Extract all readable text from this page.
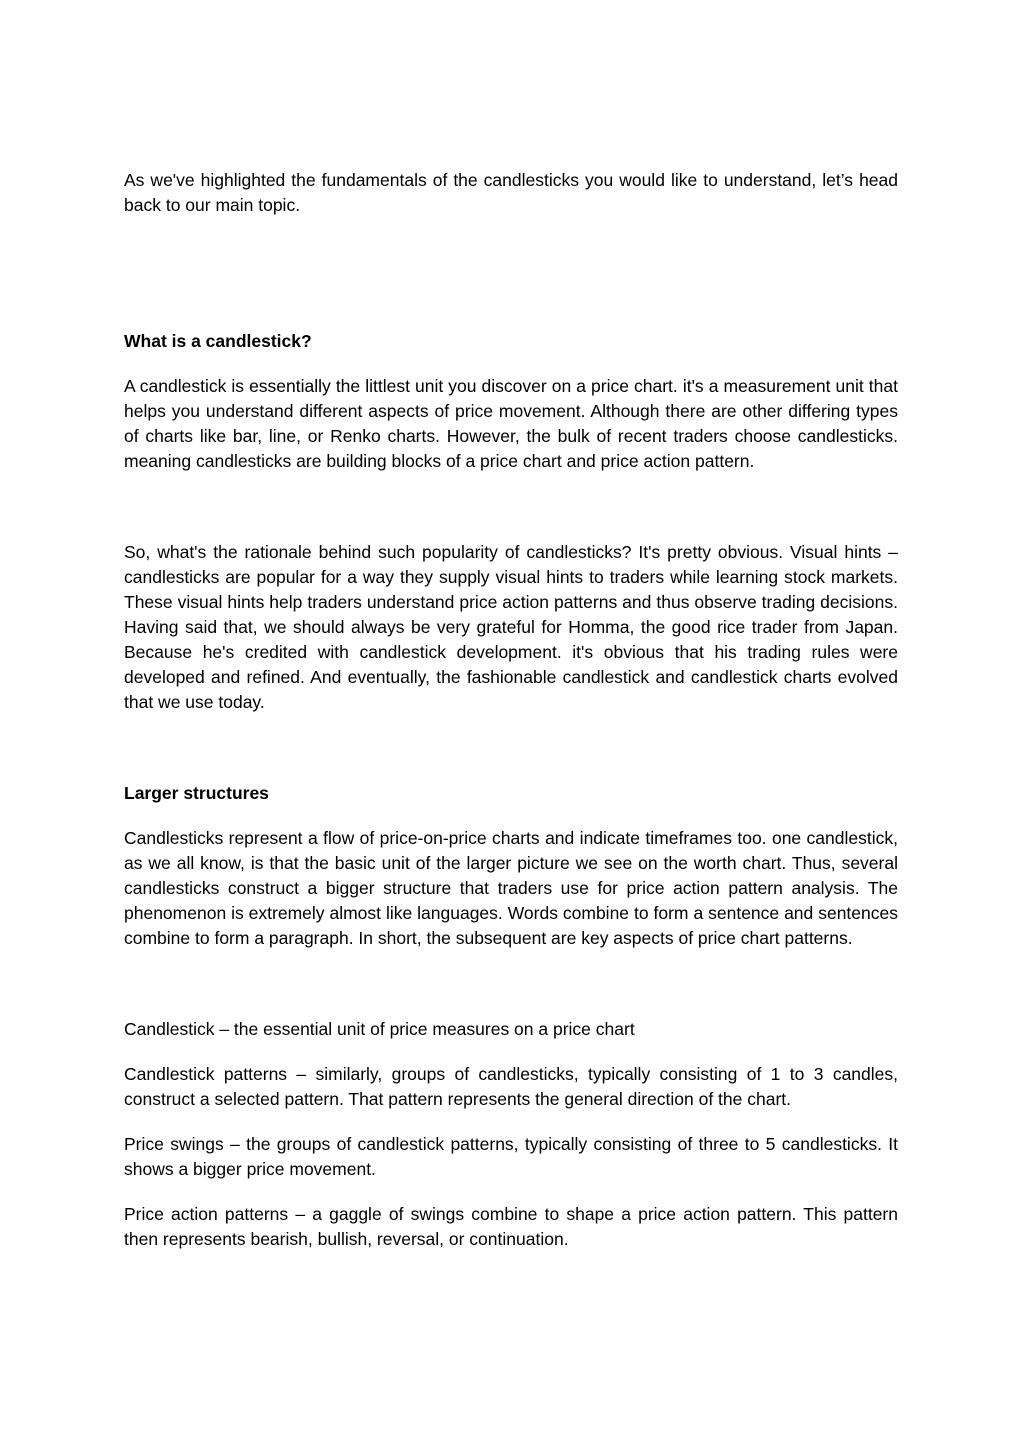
As we've highlighted the fundamentals of the candlesticks you would like to understand, let’s head back to our main topic.

What is a candlestick?

A candlestick is essentially the littlest unit you discover on a price chart. it's a measurement unit that helps you understand different aspects of price movement. Although there are other differing types of charts like bar, line, or Renko charts. However, the bulk of recent traders choose candlesticks. meaning candlesticks are building blocks of a price chart and price action pattern.

So, what's the rationale behind such popularity of candlesticks? It's pretty obvious. Visual hints – candlesticks are popular for a way they supply visual hints to traders while learning stock markets. These visual hints help traders understand price action patterns and thus observe trading decisions. Having said that, we should always be very grateful for Homma, the good rice trader from Japan. Because he's credited with candlestick development. it's obvious that his trading rules were developed and refined. And eventually, the fashionable candlestick and candlestick charts evolved that we use today.

Larger structures

Candlesticks represent a flow of price-on-price charts and indicate timeframes too. one candlestick, as we all know, is that the basic unit of the larger picture we see on the worth chart. Thus, several candlesticks construct a bigger structure that traders use for price action pattern analysis. The phenomenon is extremely almost like languages. Words combine to form a sentence and sentences combine to form a paragraph. In short, the subsequent are key aspects of price chart patterns.

Candlestick – the essential unit of price measures on a price chart

Candlestick patterns – similarly, groups of candlesticks, typically consisting of 1 to 3 candles, construct a selected pattern. That pattern represents the general direction of the chart.

Price swings – the groups of candlestick patterns, typically consisting of three to 5 candlesticks. It shows a bigger price movement.

Price action patterns – a gaggle of swings combine to shape a price action pattern. This pattern then represents bearish, bullish, reversal, or continuation.
